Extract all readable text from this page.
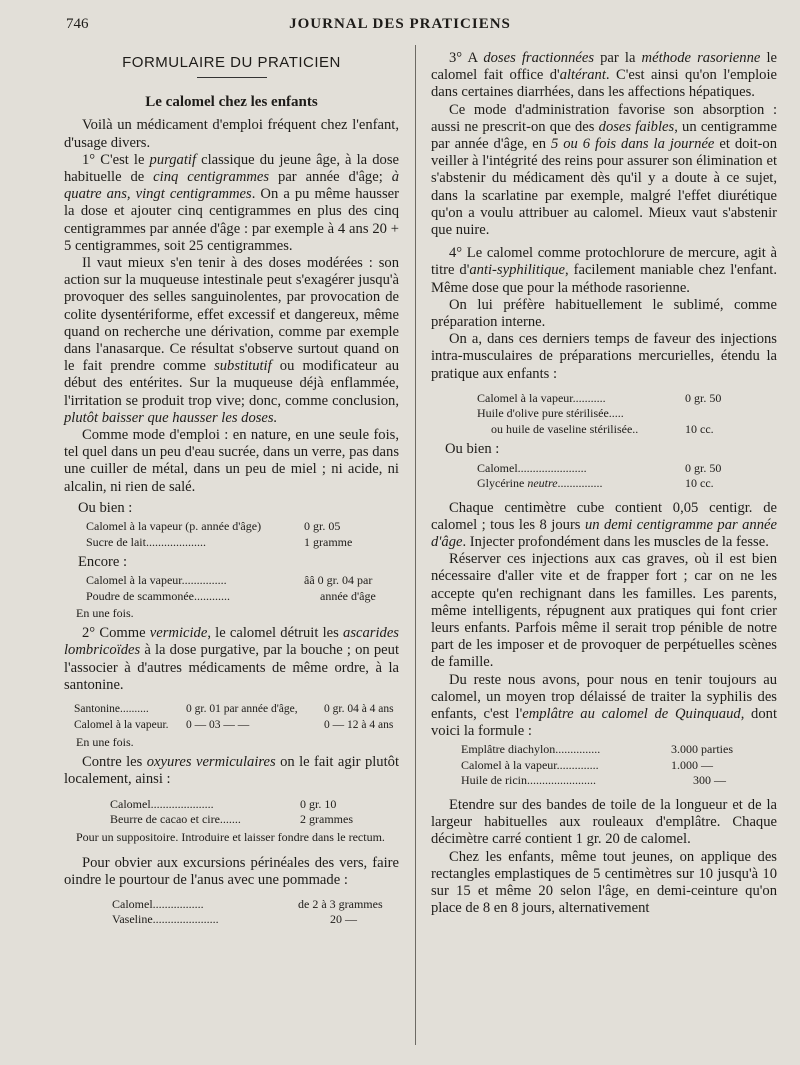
746	JOURNAL DES PRATICIENS
FORMULAIRE DU PRATICIEN
Le calomel chez les enfants

Voilà un médicament d'emploi fréquent chez l'enfant, d'usage divers.

1° C'est le purgatif classique du jeune âge, à la dose habituelle de cinq centigrammes par année d'âge; à quatre ans, vingt centigrammes. On a pu même hausser la dose et ajouter cinq centigrammes en plus des cinq centigrammes par année d'âge : par exemple à 4 ans 20 + 5 centigrammes, soit 25 centigrammes.

Il vaut mieux s'en tenir à des doses modérées : son action sur la muqueuse intestinale peut s'exagérer jusqu'à provoquer des selles sanguinolentes, par provocation de colite dysentériforme, effet excessif et dangereux, même quand on recherche une dérivation, comme par exemple dans l'anasarque. Ce résultat s'observe surtout quand on le fait prendre comme substitutif ou modificateur au début des entérites. Sur la muqueuse déjà enflammée, l'irritation se produit trop vive; donc, comme conclusion, plutôt baisser que hausser les doses.

Comme mode d'emploi : en nature, en une seule fois, tel quel dans un peu d'eau sucrée, dans un verre, pas dans une cuiller de métal, dans un peu de miel ; ni acide, ni alcalin, ni rien de salé.

Ou bien :
Calomel à la vapeur (p. année d'âge)	0 gr. 05
Sucre de lait....................	1 gramme
Encore :
Calomel à la vapeur...............	ââ 0 gr. 04 par
Poudre de scammonée............	année d'âge
En une fois.

2° Comme vermicide, le calomel détruit les ascarides lombricoïdes à la dose purgative, par la bouche ; on peut l'associer à d'autres médicaments de même ordre, à la santonine.

Santonine..........	0 gr. 01 par année d'âge,	0 gr. 04 à 4 ans
Calomel à la vapeur.	0 — 03 — —	0 — 12 à 4 ans
En une fois.

Contre les oxyures vermiculaires on le fait agir plutôt localement, ainsi :

Calomel.....................	0 gr. 10
Beurre de cacao et cire.......	2 grammes
Pour un suppositoire. Introduire et laisser fondre dans le rectum.

Pour obvier aux excursions périnéales des vers, faire oindre le pourtour de l'anus avec une pommade :

Calomel.................	de 2 à 3 grammes
Vaseline......................	20 —

3° A doses fractionnées par la méthode rasorienne le calomel fait office d'altérant. C'est ainsi qu'on l'emploie dans certaines diarrhées, dans les affections hépatiques.

Ce mode d'administration favorise son absorption : aussi ne prescrit-on que des doses faibles, un centigramme par année d'âge, en 5 ou 6 fois dans la journée et doit-on veiller à l'intégrité des reins pour assurer son élimination et s'abstenir du médicament dès qu'il y a doute à ce sujet, dans la scarlatine par exemple, malgré l'effet diurétique qu'on a voulu attribuer au calomel. Mieux vaut s'abstenir que nuire.

4° Le calomel comme protochlorure de mercure, agit à titre d'anti-syphilitique, facilement maniable chez l'enfant. Même dose que pour la méthode rasorienne.

On lui préfère habituellement le sublimé, comme préparation interne.

On a, dans ces derniers temps de faveur des injections intra-musculaires de préparations mercurielles, étendu la pratique aux enfants :

Calomel à la vapeur...........	0 gr. 50
Huile d'olive pure stérilisée.....	
ou huile de vaseline stérilisée..	10 cc.
Ou bien :
Calomel.......................	0 gr. 50
Glycérine neutre...............	10 cc.

Chaque centimètre cube contient 0,05 centigr. de calomel ; tous les 8 jours un demi centigramme par année d'âge. Injecter profondément dans les muscles de la fesse.

Réserver ces injections aux cas graves, où il est bien nécessaire d'aller vite et de frapper fort ; car on ne les accepte qu'en rechignant dans les familles. Les parents, même intelligents, répugnent aux pratiques qui font crier leurs enfants. Parfois même il serait trop pénible de notre part de les imposer et de provoquer de perpétuelles scènes de famille.

Du reste nous avons, pour nous en tenir toujours au calomel, un moyen trop délaissé de traiter la syphilis des enfants, c'est l'emplâtre au calomel de Quinquaud, dont voici la formule :

Emplâtre diachylon...............	3.000 parties
Calomel à la vapeur..............	1.000 —
Huile de ricin.......................	300 —

Etendre sur des bandes de toile de la longueur et de la largeur habituelles aux rouleaux d'emplâtre. Chaque décimètre carré contient 1 gr. 20 de calomel.

Chez les enfants, même tout jeunes, on applique des rectangles emplastiques de 5 centimètres sur 10 jusqu'à 10 sur 15 et même 20 selon l'âge, en demi-ceinture qu'on place de 8 en 8 jours, alternativement
